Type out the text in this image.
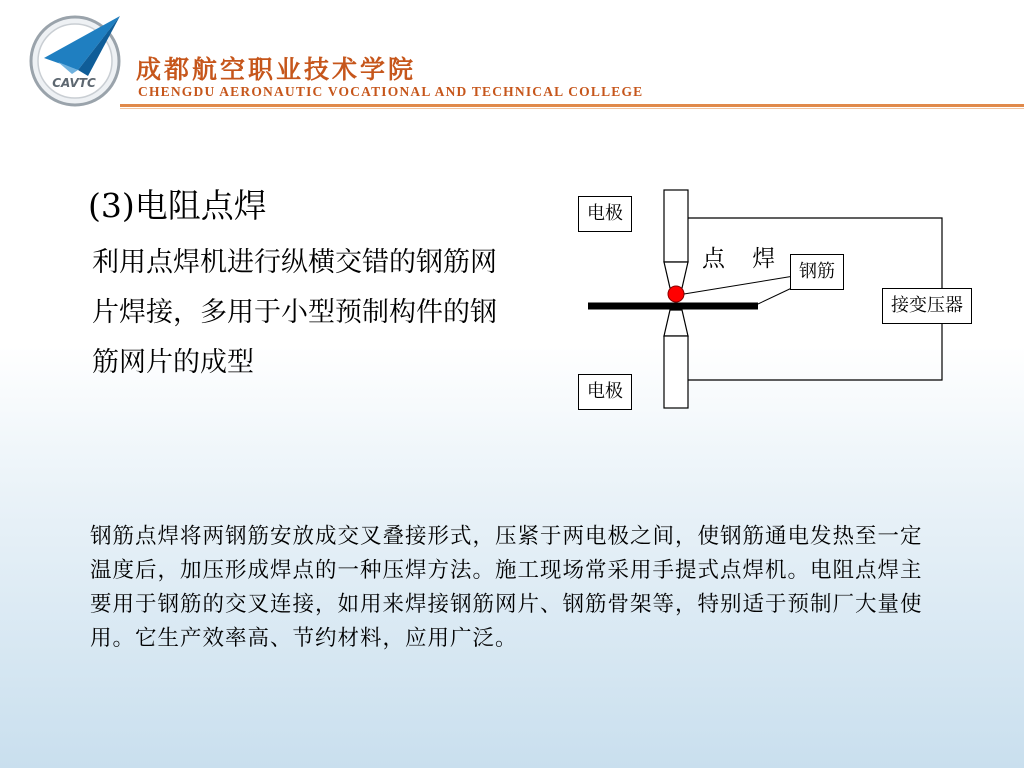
CAVTC 成都航空职业技术学院
CHENGDU AERONAUTIC VOCATIONAL AND TECHNICAL COLLEGE
(3)电阻点焊

利用点焊机进行纵横交错的钢筋网片焊接，多用于小型预制构件的钢筋网片的成型

电极
电极
点 焊 钢筋
接变压器

钢筋点焊将两钢筋安放成交叉叠接形式，压紧于两电极之间，使钢筋通电发热至一定温度后，加压形成焊点的一种压焊方法。施工现场常采用手提式点焊机。电阻点焊主要用于钢筋的交叉连接，如用来焊接钢筋网片、钢筋骨架等，特别适于预制厂大量使用。它生产效率高、节约材料，应用广泛。
